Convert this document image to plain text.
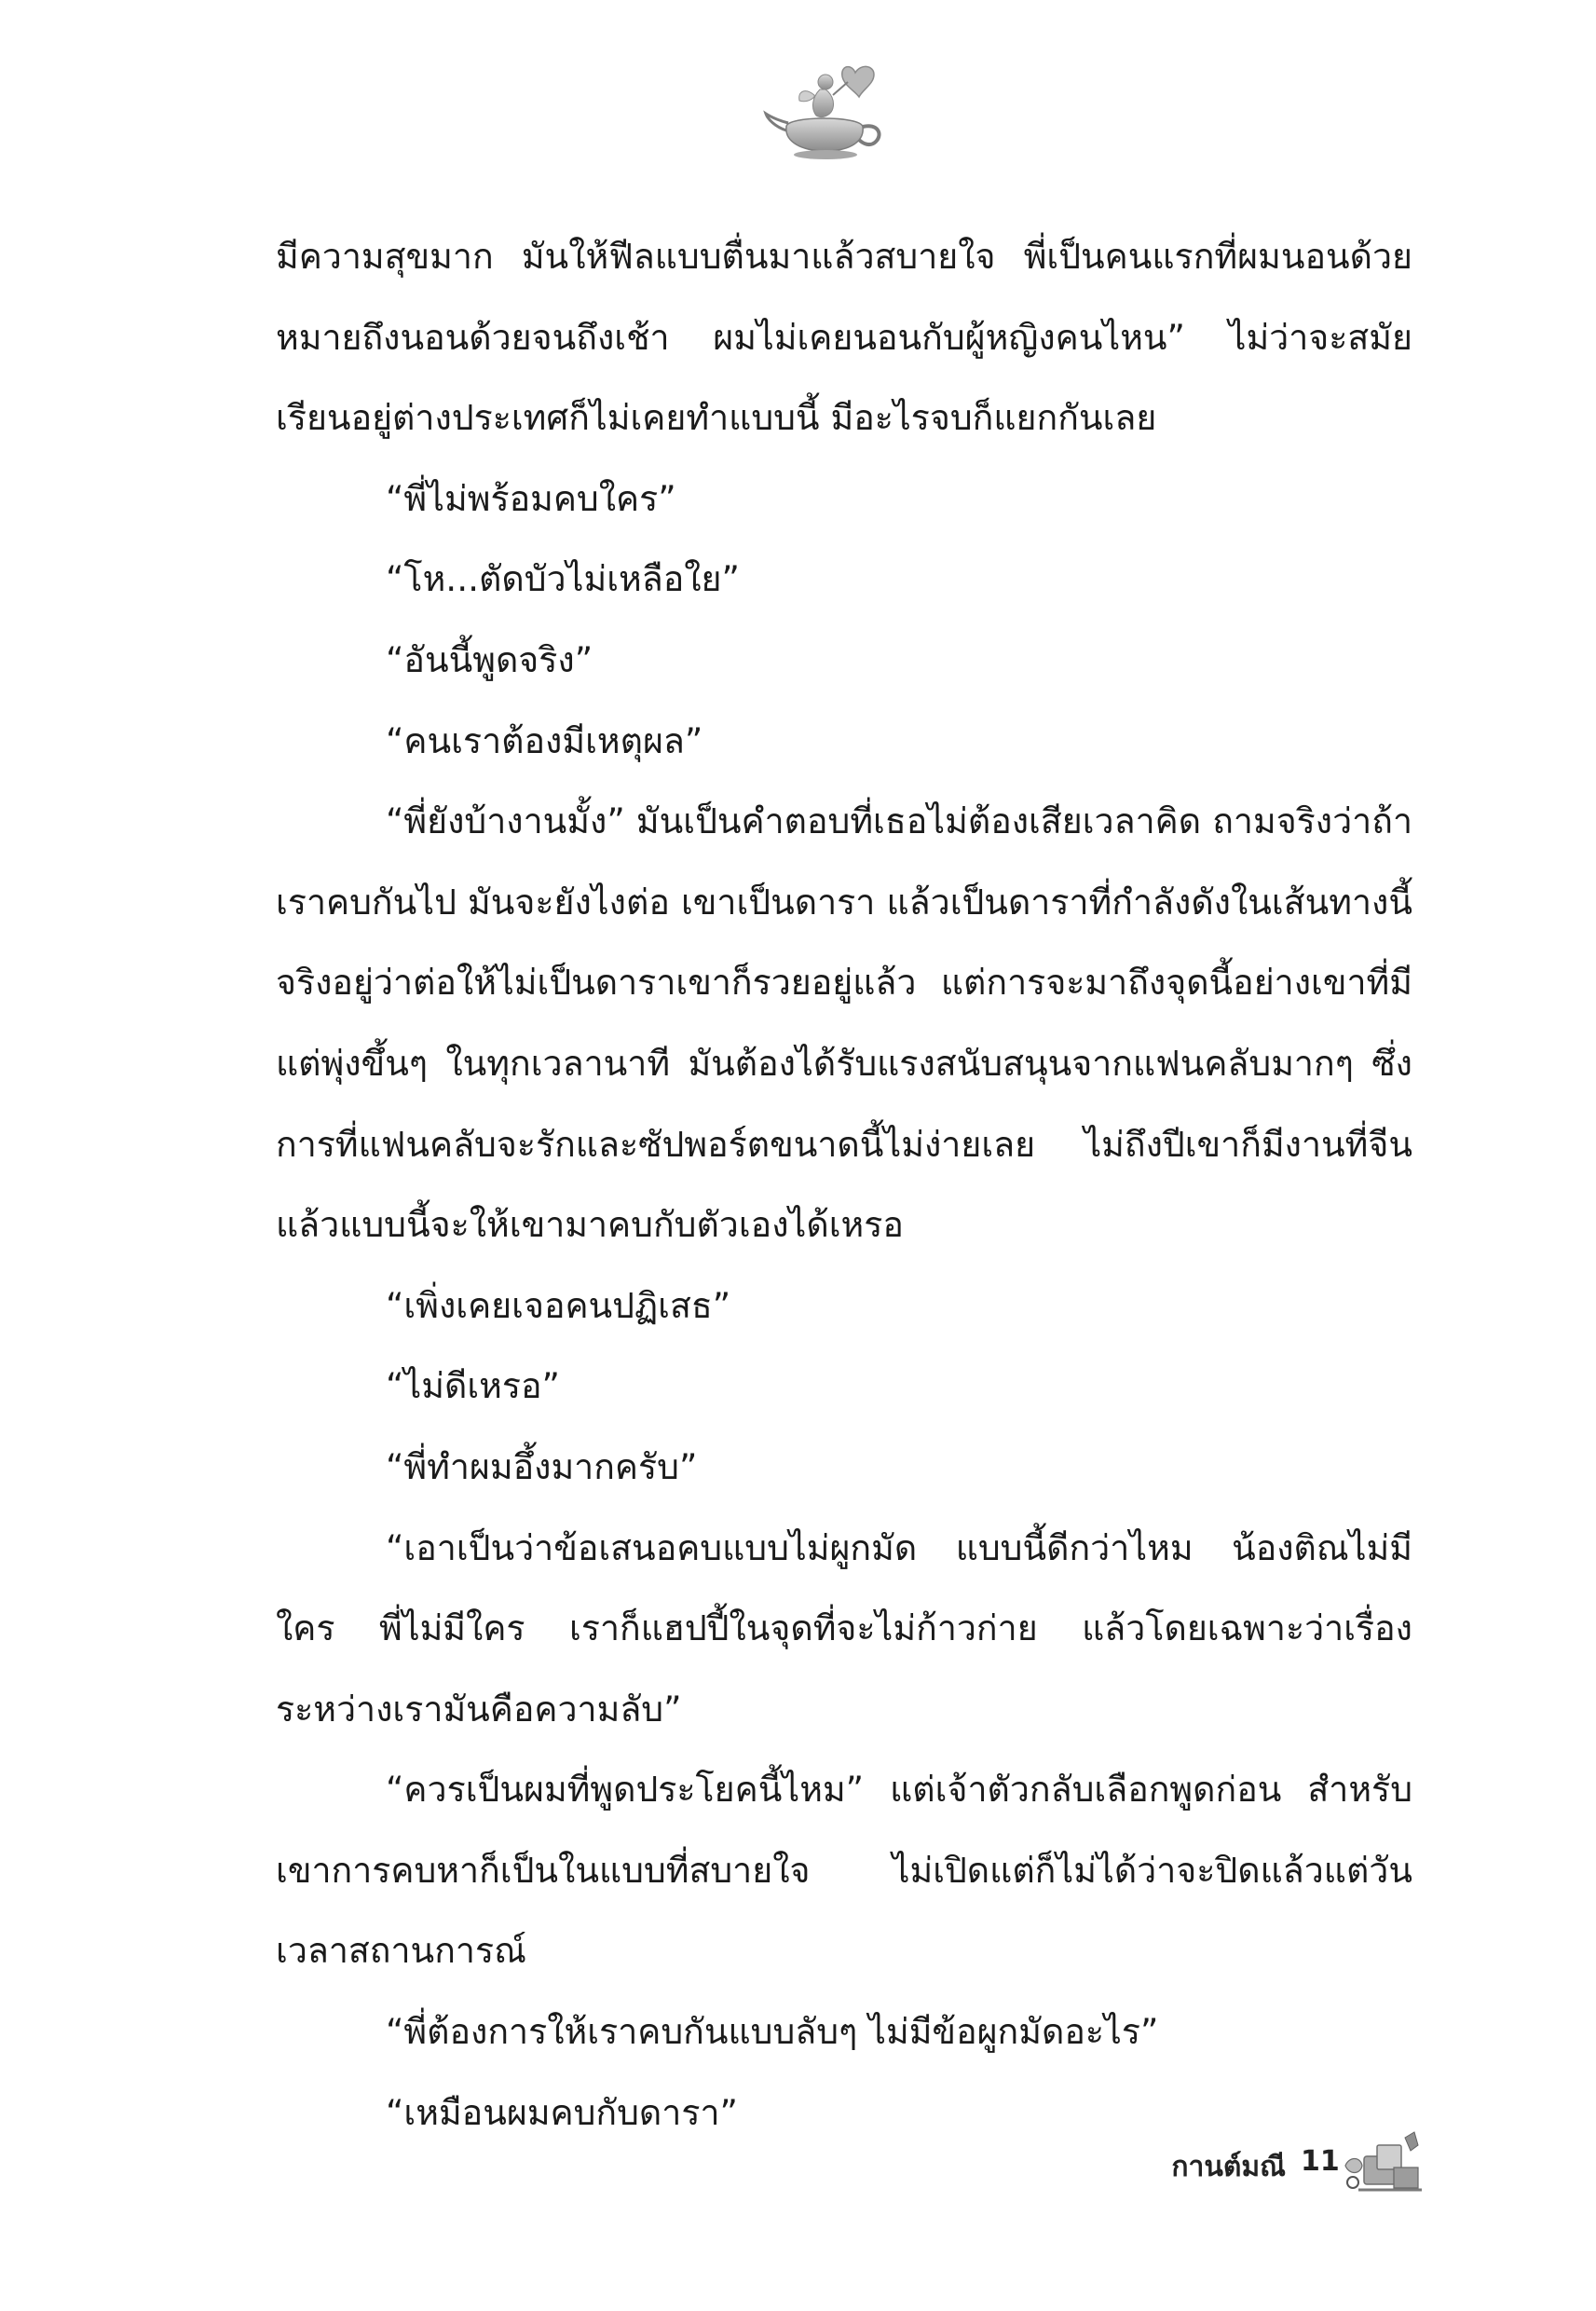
มีความสุขมาก มันให้ฟีลแบบตื่นมาแล้วสบายใจ พี่เป็นคนแรกที่ผมนอนด้วย หมายถึงนอนด้วยจนถึงเช้า ผมไม่เคยนอนกับผู้หญิงคนไหน” ไม่ว่าจะสมัยเรียนอยู่ต่างประเทศก็ไม่เคยทำแบบนี้ มีอะไรจบก็แยกกันเลย

“พี่ไม่พร้อมคบใคร”

“โห...ตัดบัวไม่เหลือใย”

“อันนี้พูดจริง”

“คนเราต้องมีเหตุผล”

“พี่ยังบ้างานมั้ง” มันเป็นคำตอบที่เธอไม่ต้องเสียเวลาคิด ถามจริงว่าถ้าเราคบกันไป มันจะยังไงต่อ เขาเป็นดารา แล้วเป็นดาราที่กำลังดังในเส้นทางนี้ จริงอยู่ว่าต่อให้ไม่เป็นดาราเขาก็รวยอยู่แล้ว แต่การจะมาถึงจุดนี้อย่างเขาที่มีแต่พุ่งขึ้นๆ ในทุกเวลานาที มันต้องได้รับแรงสนับสนุนจากแฟนคลับมากๆ ซึ่งการที่แฟนคลับจะรักและซัปพอร์ตขนาดนี้ไม่ง่ายเลย ไม่ถึงปีเขาก็มีงานที่จีน แล้วแบบนี้จะให้เขามาคบกับตัวเองได้เหรอ

“เพิ่งเคยเจอคนปฏิเสธ”

“ไม่ดีเหรอ”

“พี่ทำผมอึ้งมากครับ”

“เอาเป็นว่าข้อเสนอคบแบบไม่ผูกมัด แบบนี้ดีกว่าไหม น้องติณไม่มีใคร พี่ไม่มีใคร เราก็แฮปปี้ในจุดที่จะไม่ก้าวก่าย แล้วโดยเฉพาะว่าเรื่องระหว่างเรามันคือความลับ”

“ควรเป็นผมที่พูดประโยคนี้ไหม” แต่เจ้าตัวกลับเลือกพูดก่อน สำหรับเขาการคบหาก็เป็นในแบบที่สบายใจ ไม่เปิดแต่ก็ไม่ได้ว่าจะปิดแล้วแต่วันเวลาสถานการณ์

“พี่ต้องการให้เราคบกันแบบลับๆ ไม่มีข้อผูกมัดอะไร”

“เหมือนผมคบกับดารา”

กานต์มณี 11
